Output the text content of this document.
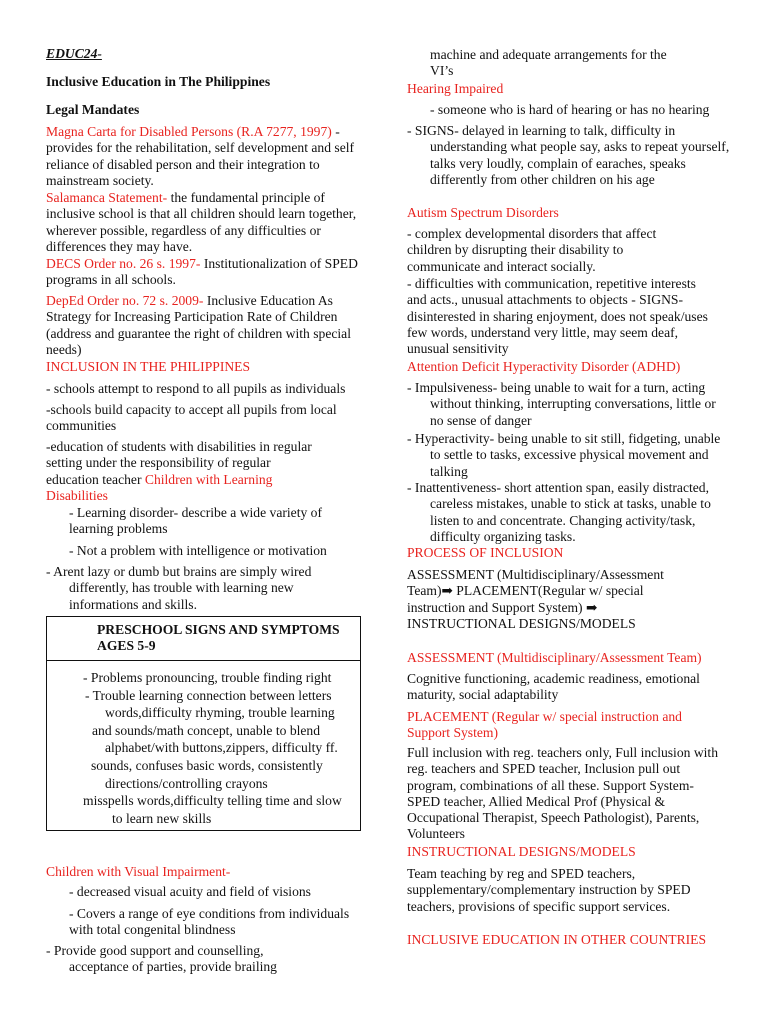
EDUC24-
Inclusive Education in The Philippines
Legal Mandates
Magna Carta for Disabled Persons (R.A 7277, 1997) - provides for the rehabilitation, self development and self reliance of disabled person and their integration to mainstream society.
Salamanca Statement- the fundamental principle of inclusive school is that all children should learn together, wherever possible, regardless of any difficulties or differences they may have.
DECS Order no. 26 s. 1997- Institutionalization of SPED programs in all schools.
DepEd Order no. 72 s. 2009- Inclusive Education As Strategy for Increasing Participation Rate of Children (address and guarantee the right of children with special needs)
INCLUSION IN THE PHILIPPINES
- schools attempt to respond to all pupils as individuals
-schools build capacity to accept all pupils from local communities
-education of students with disabilities in regular setting under the responsibility of regular education teacher Children with Learning Disabilities
- Learning disorder- describe a wide variety of learning problems
- Not a problem with intelligence or motivation
- Arent lazy or dumb but brains are simply wired differently, has trouble with learning new informations and skills.
PRESCHOOL SIGNS AND SYMPTOMS AGES 5-9
- Problems pronouncing, trouble finding right
- Trouble learning connection between letters
words,difficulty rhyming, trouble learning
and sounds/math concept, unable to blend
alphabet/with buttons,zippers, difficulty ff.
sounds, confuses basic words, consistently
directions/controlling crayons
misspells words,difficulty telling time and slow
to learn new skills
Children with Visual Impairment-
- decreased visual acuity and field of visions
- Covers a range of eye conditions from individuals with total congenital blindness
- Provide good support and counselling,
acceptance of parties, provide brailing
machine and adequate arrangements for the
VI’s
Hearing Impaired
- someone who is hard of hearing or has no hearing
- SIGNS- delayed in learning to talk, difficulty in understanding what people say, asks to repeat yourself, talks very loudly, complain of earaches, speaks differently from other children on his age
Autism Spectrum Disorders
- complex developmental disorders that affect children by disrupting their disability to communicate and interact socially.
- difficulties with communication, repetitive interests and acts., unusual attachments to objects - SIGNS- disinterested in sharing enjoyment, does not speak/uses few words, understand very little, may seem deaf, unusual sensitivity
Attention Deficit Hyperactivity Disorder (ADHD)
- Impulsiveness- being unable to wait for a turn, acting without thinking, interrupting conversations, little or no sense of danger
- Hyperactivity- being unable to sit still, fidgeting, unable to settle to tasks, excessive physical movement and talking
- Inattentiveness- short attention span, easily distracted, careless mistakes, unable to stick at tasks, unable to listen to and concentrate. Changing activity/task, difficulty organizing tasks.
PROCESS OF INCLUSION
ASSESSMENT (Multidisciplinary/Assessment Team)➡ PLACEMENT(Regular w/ special instruction and Support System) ➡ INSTRUCTIONAL DESIGNS/MODELS
ASSESSMENT (Multidisciplinary/Assessment Team)
Cognitive functioning, academic readiness, emotional maturity, social adaptability
PLACEMENT (Regular w/ special instruction and Support System)
Full inclusion with reg. teachers only, Full inclusion with reg. teachers and SPED teacher, Inclusion pull out program, combinations of all these. Support System- SPED teacher, Allied Medical Prof (Physical & Occupational Therapist, Speech Pathologist), Parents, Volunteers
INSTRUCTIONAL DESIGNS/MODELS
Team teaching by reg and SPED teachers, supplementary/complementary instruction by SPED teachers, provisions of specific support services.
INCLUSIVE EDUCATION IN OTHER COUNTRIES
